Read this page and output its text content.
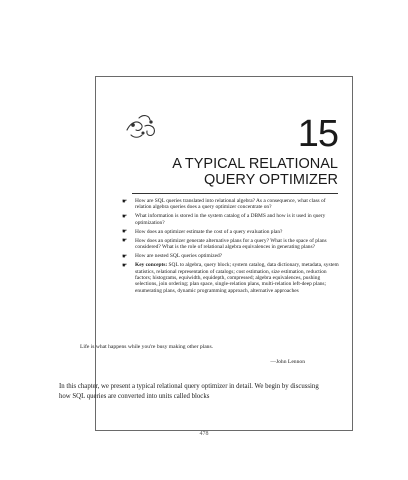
15
A TYPICAL RELATIONAL
QUERY OPTIMIZER
☛ How are SQL queries translated into relational algebra? As a consequence, what class of relation algebra queries does a query optimizer concentrate on?
☛ What information is stored in the system catalog of a DBMS and how is it used in query optimization?
☛ How does an optimizer estimate the cost of a query evaluation plan?
☛ How does an optimizer generate alternative plans for a query? What is the space of plans considered? What is the role of relational algebra equivalences in generating plans?
☛ How are nested SQL queries optimized?
☛ Key concepts: SQL to algebra, query block; system catalog, data dictionary, metadata, system statistics, relational representation of catalogs; cost estimation, size estimation, reduction factors; histograms, equiwidth, equidepth, compressed; algebra equivalences, pushing selections, join ordering; plan space, single-relation plans, multi-relation left-deep plans; enumerating plans, dynamic programming approach, alternative approaches
Life is what happens while you're busy making other plans.
—John Lennon
In this chapter, we present a typical relational query optimizer in detail. We begin by discussing how SQL queries are converted into units called blocks
478
